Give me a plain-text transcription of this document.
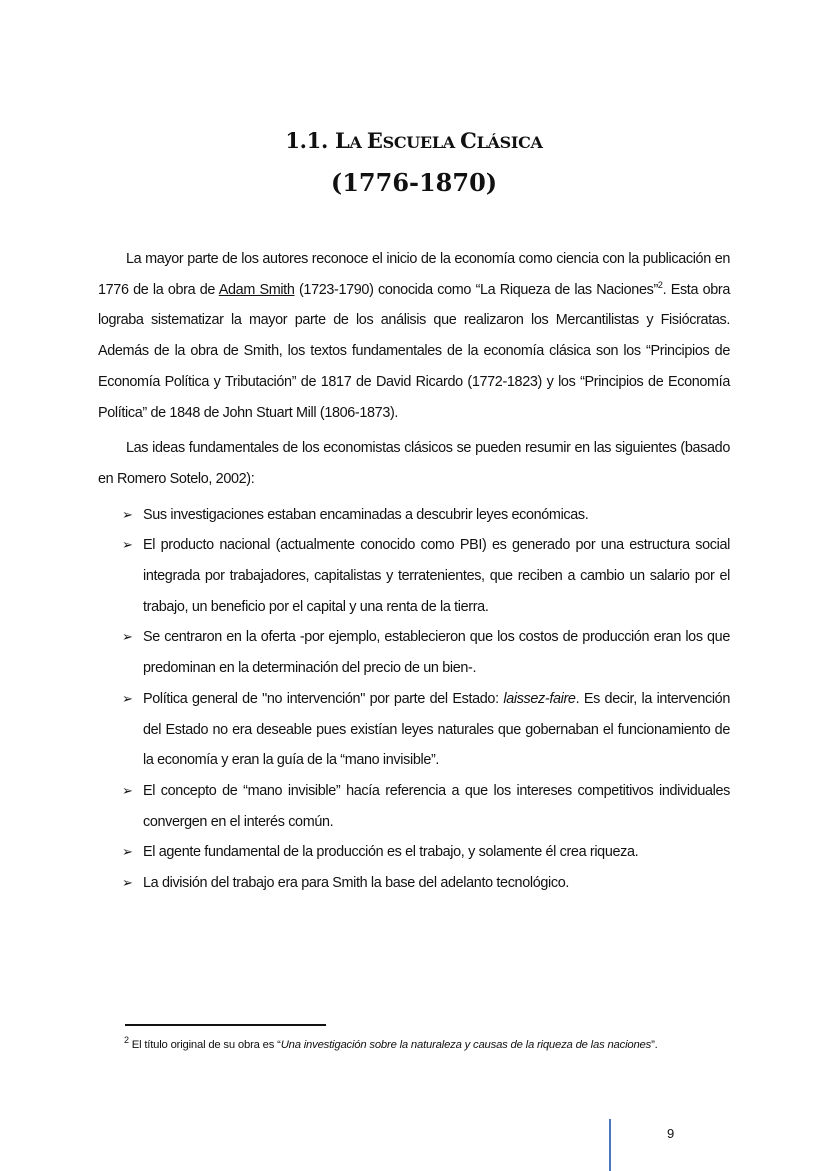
1.1. LA ESCUELA CLÁSICA
(1776-1870)

La mayor parte de los autores reconoce el inicio de la economía como ciencia con la publicación en 1776 de la obra de Adam Smith (1723-1790) conocida como “La Riqueza de las Naciones”$^2$. Esta obra lograba sistematizar la mayor parte de los análisis que realizaron los Mercantilistas y Fisiócratas. Además de la obra de Smith, los textos fundamentales de la economía clásica son los “Principios de Economía Política y Tributación” de 1817 de David Ricardo (1772-1823) y los “Principios de Economía Política” de 1848 de John Stuart Mill (1806-1873).

Las ideas fundamentales de los economistas clásicos se pueden resumir en las siguientes (basado en Romero Sotelo, 2002):

➢ Sus investigaciones estaban encaminadas a descubrir leyes económicas.
➢ El producto nacional (actualmente conocido como PBI) es generado por una estructura social integrada por trabajadores, capitalistas y terratenientes, que reciben a cambio un salario por el trabajo, un beneficio por el capital y una renta de la tierra.
➢ Se centraron en la oferta -por ejemplo, establecieron que los costos de producción eran los que predominan en la determinación del precio de un bien-.
➢ Política general de "no intervención" por parte del Estado: laissez-faire. Es decir, la intervención del Estado no era deseable pues existían leyes naturales que gobernaban el funcionamiento de la economía y eran la guía de la “mano invisible”.
➢ El concepto de “mano invisible” hacía referencia a que los intereses competitivos individuales convergen en el interés común.
➢ El agente fundamental de la producción es el trabajo, y solamente él crea riqueza.
➢ La división del trabajo era para Smith la base del adelanto tecnológico.
$^2$ El título original de su obra es “Una investigación sobre la naturaleza y causas de la riqueza de las naciones”.
9
